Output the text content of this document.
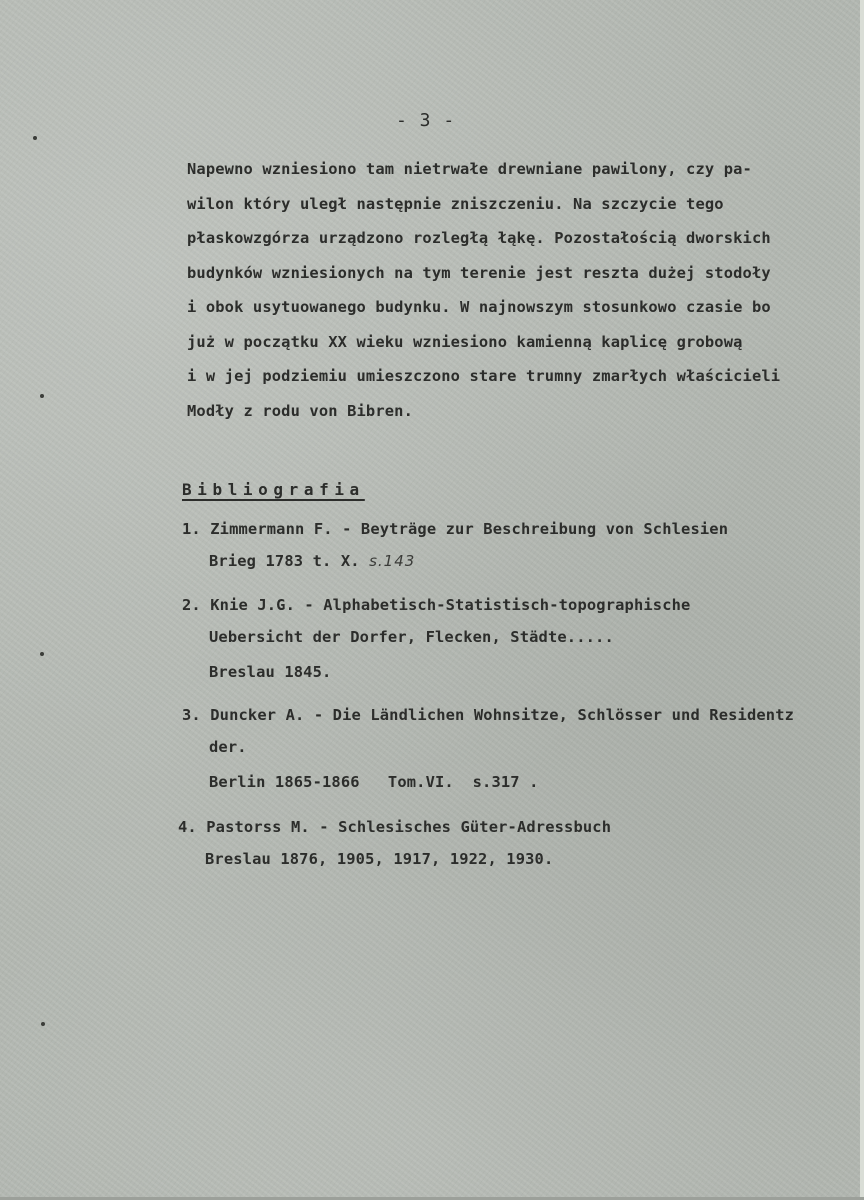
- 3 -
Napewno wzniesiono tam nietrwałe drewniane pawilony, czy pa-
wilon który uległ następnie zniszczeniu. Na szczycie tego
płaskowzgórza urządzono rozległą łąkę. Pozostałością dworskich
budynków wzniesionych na tym terenie jest reszta dużej stodoły
i obok usytuowanego budynku. W najnowszym stosunkowo czasie bo
już w początku XX wieku wzniesiono kamienną kaplicę grobową
i w jej podziemiu umieszczono stare trumny zmarłych właścicieli
Modły z rodu von Bibren.
Bibliografia
1. Zimmermann F. - Beyträge zur Beschreibung von Schlesien
Brieg 1783 t. X. s.143
2. Knie J.G. - Alphabetisch-Statistisch-topographische
Uebersicht der Dorfer, Flecken, Städte.....
Breslau 1845.
3. Duncker A. - Die Ländlichen Wohnsitze, Schlösser und Residentz
der.
Berlin 1865-1866   Tom.VI.  s.317 .
4. Pastorss M. - Schlesisches Güter-Adressbuch
Breslau 1876, 1905, 1917, 1922, 1930.
